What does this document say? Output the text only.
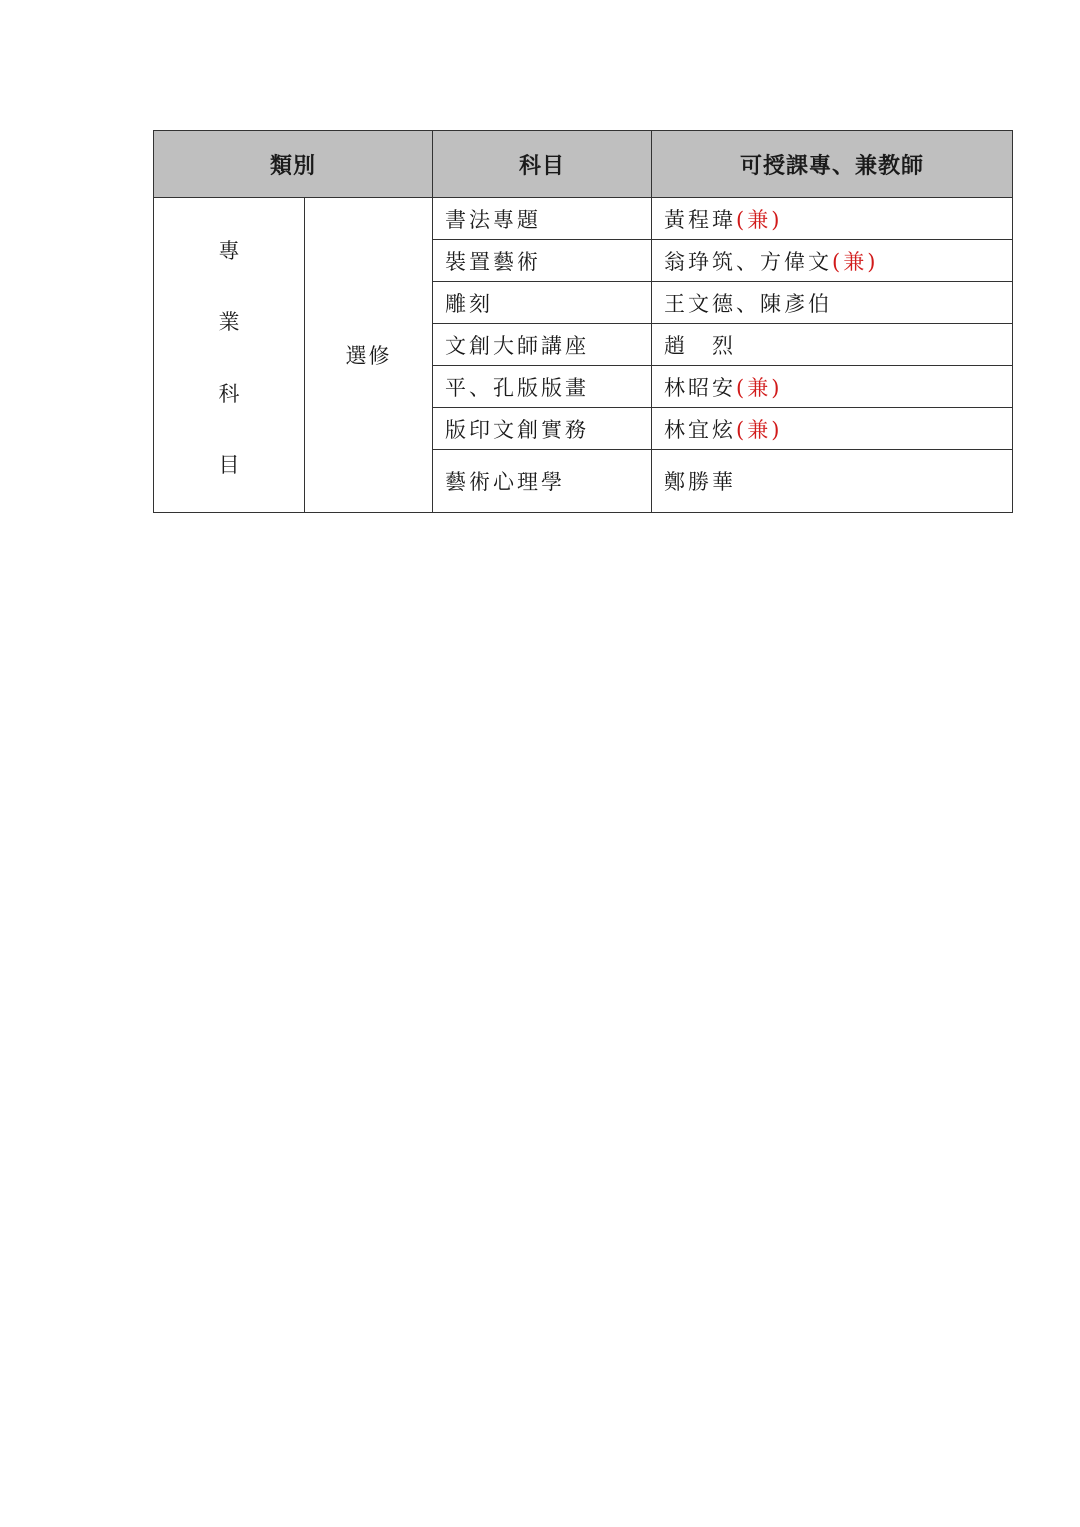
類別		科目	可授課專、兼教師

專
業
科
目	選修	書法專題	黃程瑋(兼)
		裝置藝術	翁琤筑、方偉文(兼)
		雕刻	王文德、陳彥伯
		文創大師講座	趙　烈
		平、孔版版畫	林昭安(兼)
		版印文創實務	林宜炫(兼)
		藝術心理學	鄭勝華
